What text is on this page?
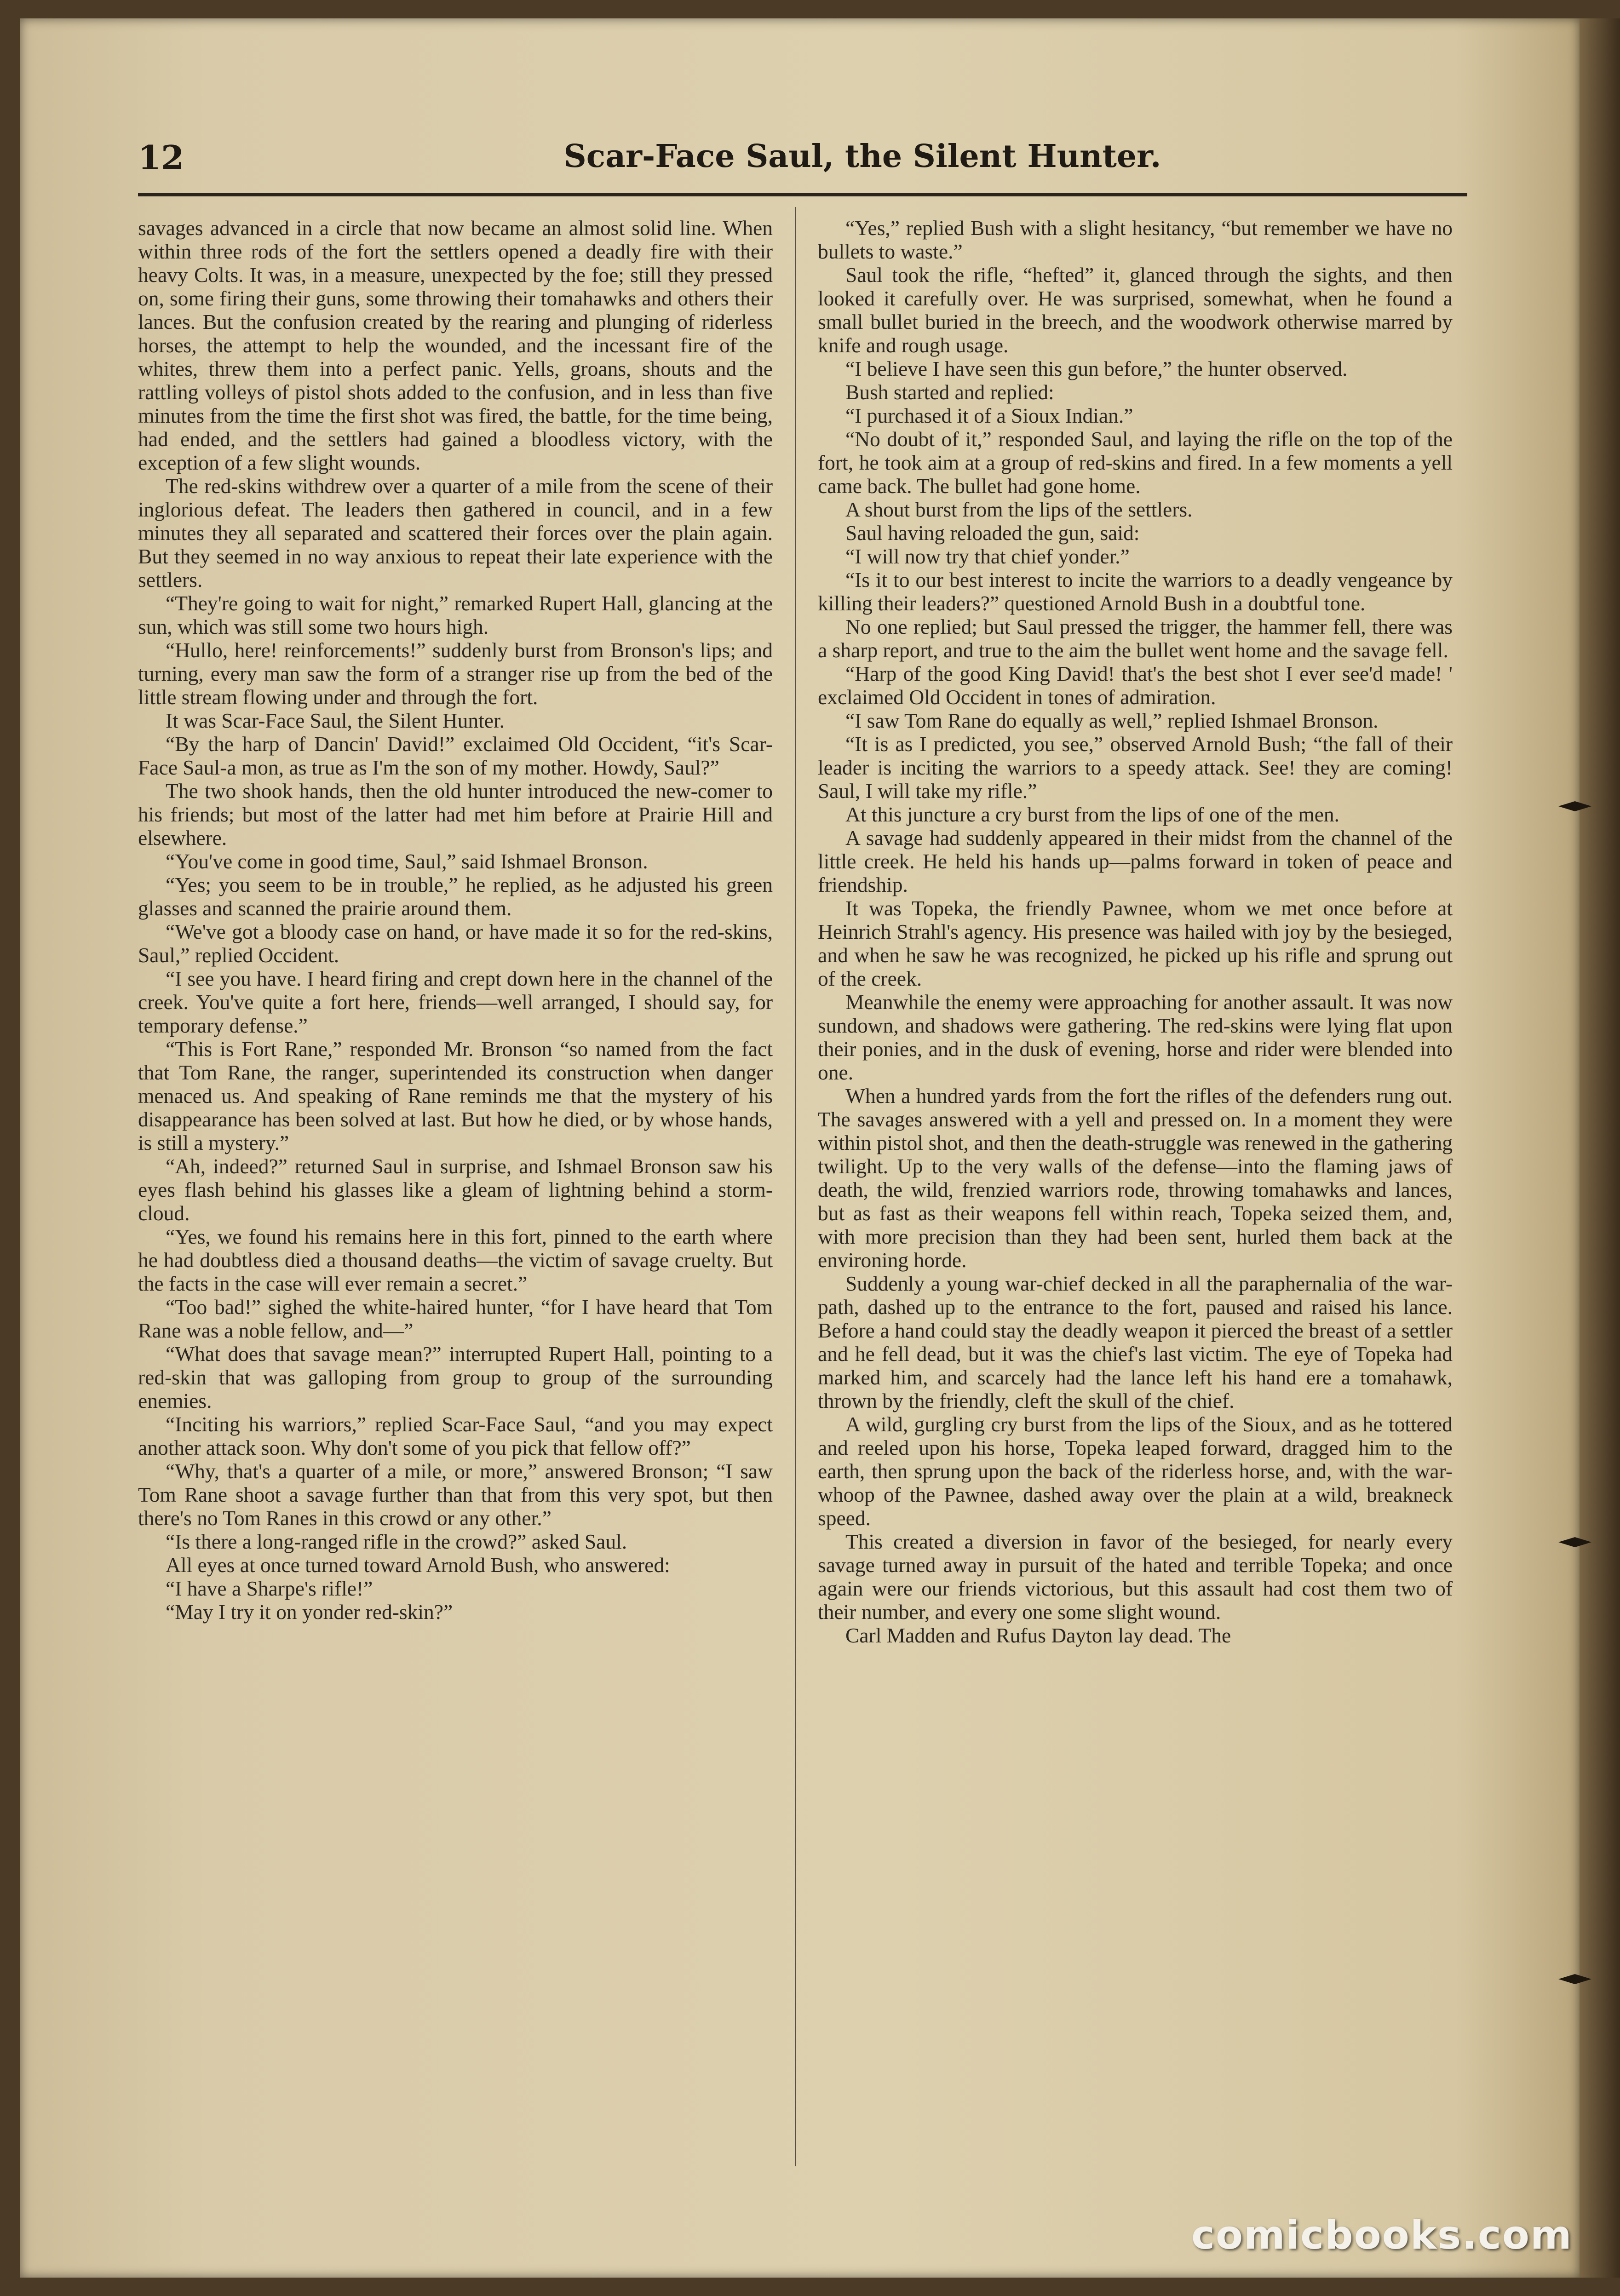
12	Scar-Face Saul, the Silent Hunter.

savages advanced in a circle that now became an almost solid line. When within three rods of the fort the settlers opened a deadly fire with their heavy Colts. It was, in a measure, unexpected by the foe; still they pressed on, some firing their guns, some throwing their tomahawks and others their lances. But the confusion created by the rearing and plunging of riderless horses, the attempt to help the wounded, and the incessant fire of the whites, threw them into a perfect panic. Yells, groans, shouts and the rattling volleys of pistol shots added to the confusion, and in less than five minutes from the time the first shot was fired, the battle, for the time being, had ended, and the settlers had gained a bloodless victory, with the exception of a few slight wounds.

The red-skins withdrew over a quarter of a mile from the scene of their inglorious defeat. The leaders then gathered in council, and in a few minutes they all separated and scattered their forces over the plain again. But they seemed in no way anxious to repeat their late experience with the settlers.

“They're going to wait for night,” remarked Rupert Hall, glancing at the sun, which was still some two hours high.

“Hullo, here! reinforcements!” suddenly burst from Bronson's lips; and turning, every man saw the form of a stranger rise up from the bed of the little stream flowing under and through the fort.

It was Scar-Face Saul, the Silent Hunter.

“By the harp of Dancin' David!” exclaimed Old Occident, “it's Scar-Face Saul-a mon, as true as I'm the son of my mother. Howdy, Saul?”

The two shook hands, then the old hunter introduced the new-comer to his friends; but most of the latter had met him before at Prairie Hill and elsewhere.

“You've come in good time, Saul,” said Ishmael Bronson.

“Yes; you seem to be in trouble,” he replied, as he adjusted his green glasses and scanned the prairie around them.

“We've got a bloody case on hand, or have made it so for the red-skins, Saul,” replied Occident.

“I see you have. I heard firing and crept down here in the channel of the creek. You've quite a fort here, friends—well arranged, I should say, for temporary defense.”

“This is Fort Rane,” responded Mr. Bronson “so named from the fact that Tom Rane, the ranger, superintended its construction when danger menaced us. And speaking of Rane reminds me that the mystery of his disappearance has been solved at last. But how he died, or by whose hands, is still a mystery.”

“Ah, indeed?” returned Saul in surprise, and Ishmael Bronson saw his eyes flash behind his glasses like a gleam of lightning behind a storm-cloud.

“Yes, we found his remains here in this fort, pinned to the earth where he had doubtless died a thousand deaths—the victim of savage cruelty. But the facts in the case will ever remain a secret.”

“Too bad!” sighed the white-haired hunter, “for I have heard that Tom Rane was a noble fellow, and—”

“What does that savage mean?” interrupted Rupert Hall, pointing to a red-skin that was galloping from group to group of the surrounding enemies.

“Inciting his warriors,” replied Scar-Face Saul, “and you may expect another attack soon. Why don't some of you pick that fellow off?”

“Why, that's a quarter of a mile, or more,” answered Bronson; “I saw Tom Rane shoot a savage further than that from this very spot, but then there's no Tom Ranes in this crowd or any other.”

“Is there a long-ranged rifle in the crowd?” asked Saul.

All eyes at once turned toward Arnold Bush, who answered:

“I have a Sharpe's rifle!”

“May I try it on yonder red-skin?”

“Yes,” replied Bush with a slight hesitancy, “but remember we have no bullets to waste.”

Saul took the rifle, “hefted” it, glanced through the sights, and then looked it carefully over. He was surprised, somewhat, when he found a small bullet buried in the breech, and the woodwork otherwise marred by knife and rough usage.

“I believe I have seen this gun before,” the hunter observed.

Bush started and replied:

“I purchased it of a Sioux Indian.”

“No doubt of it,” responded Saul, and laying the rifle on the top of the fort, he took aim at a group of red-skins and fired. In a few moments a yell came back. The bullet had gone home.

A shout burst from the lips of the settlers.

Saul having reloaded the gun, said:

“I will now try that chief yonder.”

“Is it to our best interest to incite the warriors to a deadly vengeance by killing their leaders?” questioned Arnold Bush in a doubtful tone.

No one replied; but Saul pressed the trigger, the hammer fell, there was a sharp report, and true to the aim the bullet went home and the savage fell.

“Harp of the good King David! that's the best shot I ever see'd made! ' exclaimed Old Occident in tones of admiration.

“I saw Tom Rane do equally as well,” replied Ishmael Bronson.

“It is as I predicted, you see,” observed Arnold Bush; “the fall of their leader is inciting the warriors to a speedy attack. See! they are coming! Saul, I will take my rifle.”

At this juncture a cry burst from the lips of one of the men.

A savage had suddenly appeared in their midst from the channel of the little creek. He held his hands up—palms forward in token of peace and friendship.

It was Topeka, the friendly Pawnee, whom we met once before at Heinrich Strahl's agency. His presence was hailed with joy by the besieged, and when he saw he was recognized, he picked up his rifle and sprung out of the creek.

Meanwhile the enemy were approaching for another assault. It was now sundown, and shadows were gathering. The red-skins were lying flat upon their ponies, and in the dusk of evening, horse and rider were blended into one.

When a hundred yards from the fort the rifles of the defenders rung out. The savages answered with a yell and pressed on. In a moment they were within pistol shot, and then the death-struggle was renewed in the gathering twilight. Up to the very walls of the defense—into the flaming jaws of death, the wild, frenzied warriors rode, throwing tomahawks and lances, but as fast as their weapons fell within reach, Topeka seized them, and, with more precision than they had been sent, hurled them back at the environing horde.

Suddenly a young war-chief decked in all the paraphernalia of the war-path, dashed up to the entrance to the fort, paused and raised his lance. Before a hand could stay the deadly weapon it pierced the breast of a settler and he fell dead, but it was the chief's last victim. The eye of Topeka had marked him, and scarcely had the lance left his hand ere a tomahawk, thrown by the friendly, cleft the skull of the chief.

A wild, gurgling cry burst from the lips of the Sioux, and as he tottered and reeled upon his horse, Topeka leaped forward, dragged him to the earth, then sprung upon the back of the riderless horse, and, with the war-whoop of the Pawnee, dashed away over the plain at a wild, breakneck speed.

This created a diversion in favor of the besieged, for nearly every savage turned away in pursuit of the hated and terrible Topeka; and once again were our friends victorious, but this assault had cost them two of their number, and every one some slight wound.

Carl Madden and Rufus Dayton lay dead. The

comicbooks.com
